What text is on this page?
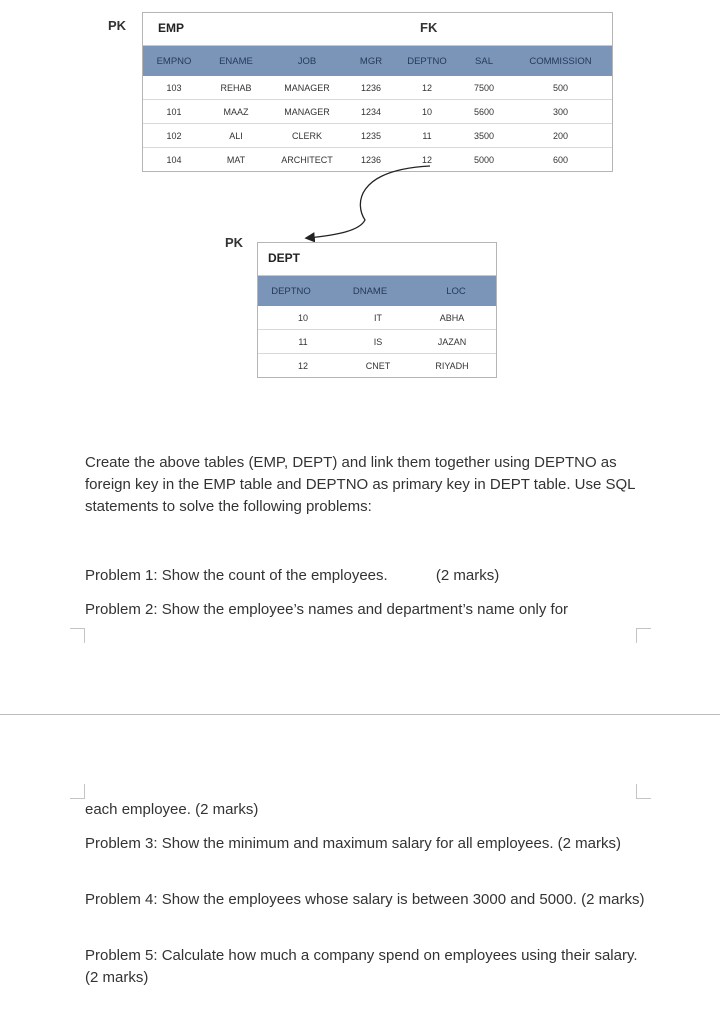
PK	FK
EMP
EMPNO	ENAME	JOB	MGR	DEPTNO	SAL	COMMISSION
103	REHAB	MANAGER	1236	12	7500	500
101	MAAZ	MANAGER	1234	10	5600	300
102	ALI	CLERK	1235	11	3500	200
104	MAT	ARCHITECT	1236	12	5000	600
PK
DEPT
DEPTNO	DNAME	LOC
10	IT	ABHA
11	IS	JAZAN
12	CNET	RIYADH
Create the above tables (EMP, DEPT) and link them together using DEPTNO as foreign key in the EMP table and DEPTNO as primary key in DEPT table. Use SQL statements to solve the following problems:
Problem 1: Show the count of the employees.	(2 marks)
Problem 2: Show the employee’s names and department’s name only for
each employee. (2 marks)
Problem 3: Show the minimum and maximum salary for all employees. (2 marks)
Problem 4: Show the employees whose salary is between 3000 and 5000. (2 marks)
Problem 5: Calculate how much a company spend on employees using their salary. (2 marks)
